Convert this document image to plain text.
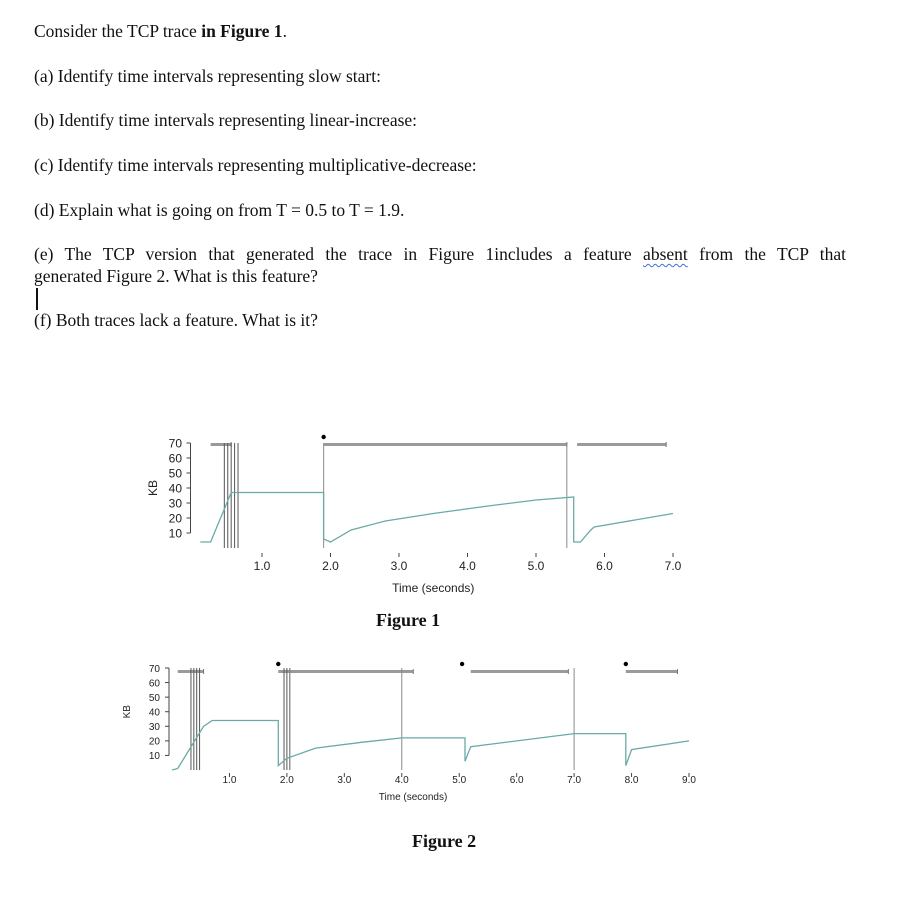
Consider the TCP trace in Figure 1.
(a) Identify time intervals representing slow start:
(b) Identify time intervals representing linear-increase:
(c) Identify time intervals representing multiplicative-decrease:
(d) Explain what is going on from T = 0.5 to T = 1.9.
(e) The TCP version that generated the trace in Figure 1includes a feature absent from the TCP that
generated Figure 2. What is this feature?
(f) Both traces lack a feature. What is it?
70
60
50
40
30
20
10
KB
1.0	2.0	3.0	4.0	5.0	6.0	7.0
Time (seconds)
70
60
50
40
30
20
10
KB
1.0	2.0	3.0	4.0	5.0	6.0	7.0	8.0	9.0
Time (seconds)
Figure 1
Figure 2
